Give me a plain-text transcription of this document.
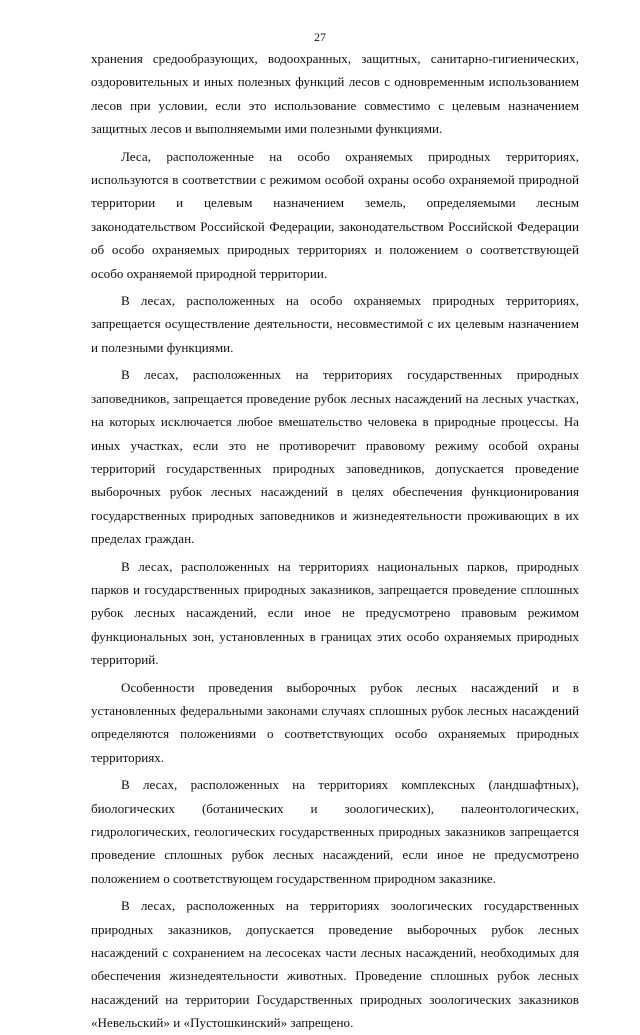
27

хранения средообразующих, водоохранных, защитных, санитарно-гигиенических, оздоровительных и иных полезных функций лесов с одновременным использованием лесов при условии, если это использование совместимо с целевым назначением защитных лесов и выполняемыми ими полезными функциями.

Леса, расположенные на особо охраняемых природных территориях, используются в соответствии с режимом особой охраны особо охраняемой природной территории и целевым назначением земель, определяемыми лесным законодательством Российской Федерации, законодательством Российской Федерации об особо охраняемых природных территориях и положением о соответствующей особо охраняемой природной территории.

В лесах, расположенных на особо охраняемых природных территориях, запрещается осуществление деятельности, несовместимой с их целевым назначением и полезными функциями.

В лесах, расположенных на территориях государственных природных заповедников, запрещается проведение рубок лесных насаждений на лесных участках, на которых исключается любое вмешательство человека в природные процессы. На иных участках, если это не противоречит правовому режиму особой охраны территорий государственных природных заповедников, допускается проведение выборочных рубок лесных насаждений в целях обеспечения функционирования государственных природных заповедников и жизнедеятельности проживающих в их пределах граждан.

В лесах, расположенных на территориях национальных парков, природных парков и государственных природных заказников, запрещается проведение сплошных рубок лесных насаждений, если иное не предусмотрено правовым режимом функциональных зон, установленных в границах этих особо охраняемых природных территорий.

Особенности проведения выборочных рубок лесных насаждений и в установленных федеральными законами случаях сплошных рубок лесных насаждений определяются положениями о соответствующих особо охраняемых природных территориях.

В лесах, расположенных на территориях комплексных (ландшафтных), биологических (ботанических и зоологических), палеонтологических, гидрологических, геологических государственных природных заказников запрещается проведение сплошных рубок лесных насаждений, если иное не предусмотрено положением о соответствующем государственном природном заказнике.

В лесах, расположенных на территориях зоологических государственных природных заказников, допускается проведение выборочных рубок лесных насаждений с сохранением на лесосеках части лесных насаждений, необходимых для обеспечения жизнедеятельности животных. Проведение сплошных рубок лесных насаждений на территории Государственных природных зоологических заказников «Невельский» и «Пустошкинский» запрещено.
